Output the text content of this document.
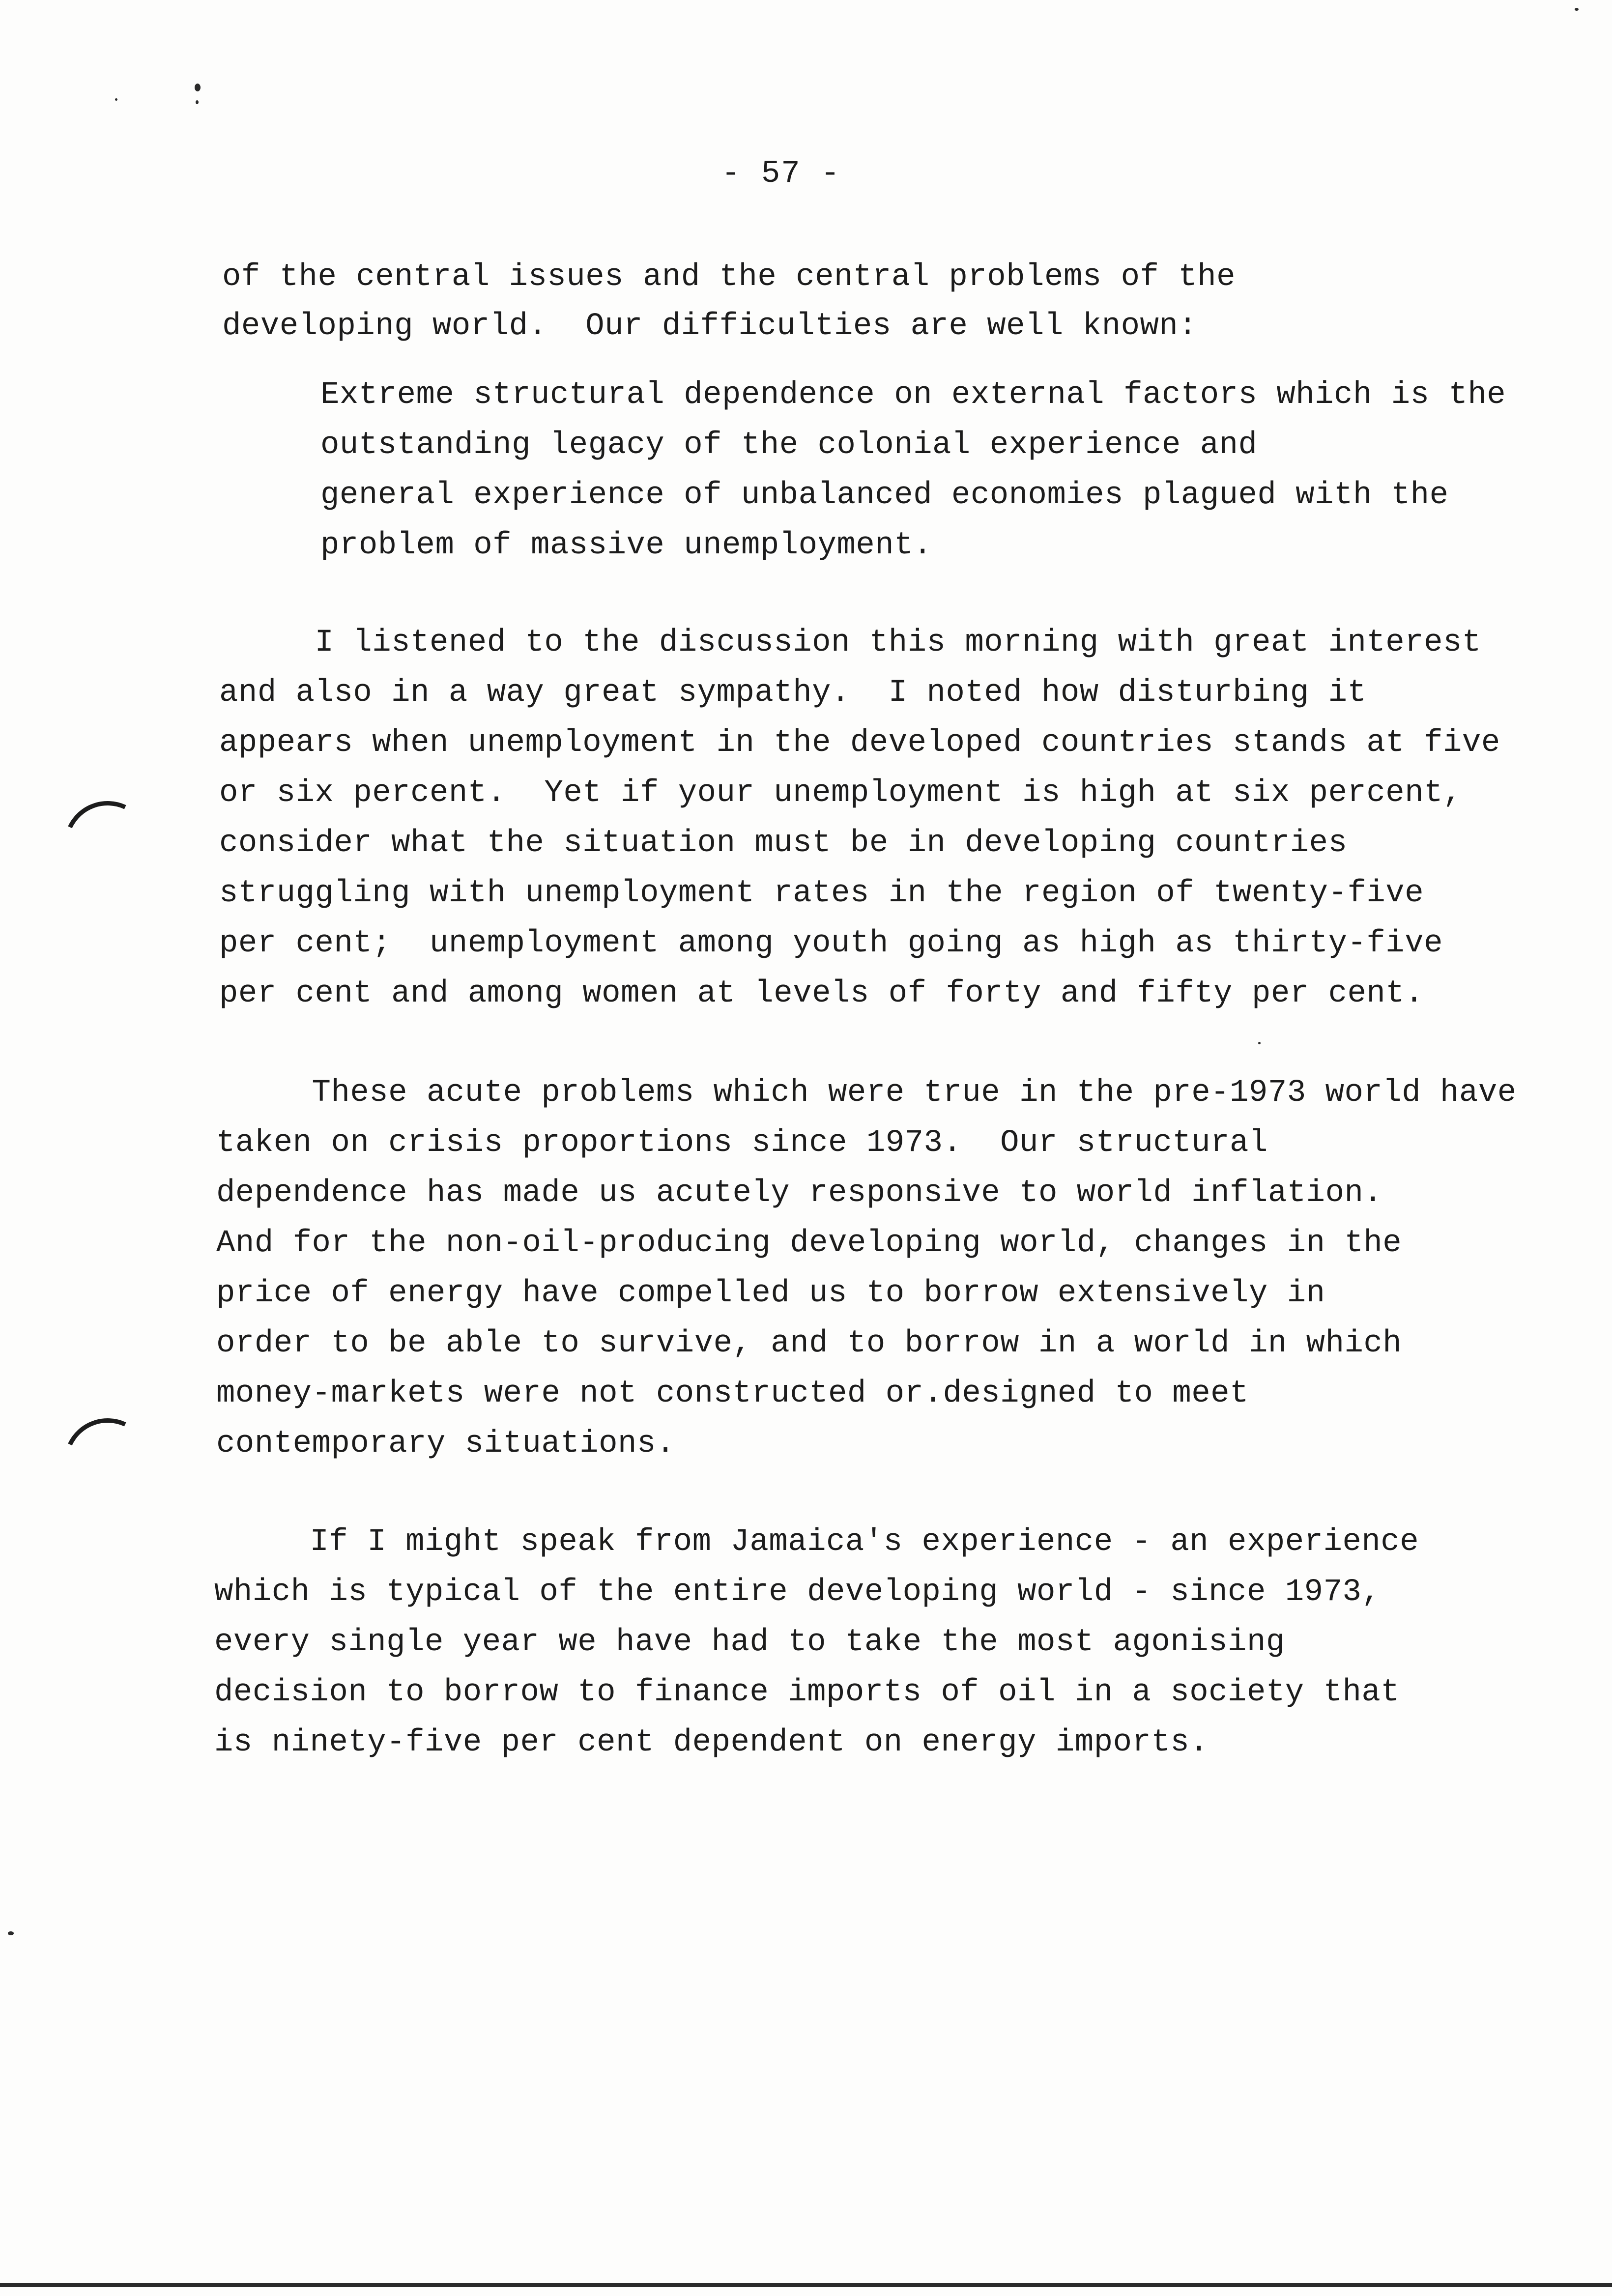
- 57 -
of the central issues and the central problems of the
developing world.  Our difficulties are well known:
Extreme structural dependence on external factors which is the
outstanding legacy of the colonial experience and
general experience of unbalanced economies plagued with the
problem of massive unemployment.
I listened to the discussion this morning with great interest
and also in a way great sympathy.  I noted how disturbing it
appears when unemployment in the developed countries stands at five
or six percent.  Yet if your unemployment is high at six percent,
consider what the situation must be in developing countries
struggling with unemployment rates in the region of twenty-five
per cent;  unemployment among youth going as high as thirty-five
per cent and among women at levels of forty and fifty per cent.
These acute problems which were true in the pre-1973 world have
taken on crisis proportions since 1973.  Our structural
dependence has made us acutely responsive to world inflation.
And for the non-oil-producing developing world, changes in the
price of energy have compelled us to borrow extensively in
order to be able to survive, and to borrow in a world in which
money-markets were not constructed or.designed to meet
contemporary situations.
If I might speak from Jamaica's experience - an experience
which is typical of the entire developing world - since 1973,
every single year we have had to take the most agonising
decision to borrow to finance imports of oil in a society that
is ninety-five per cent dependent on energy imports.
